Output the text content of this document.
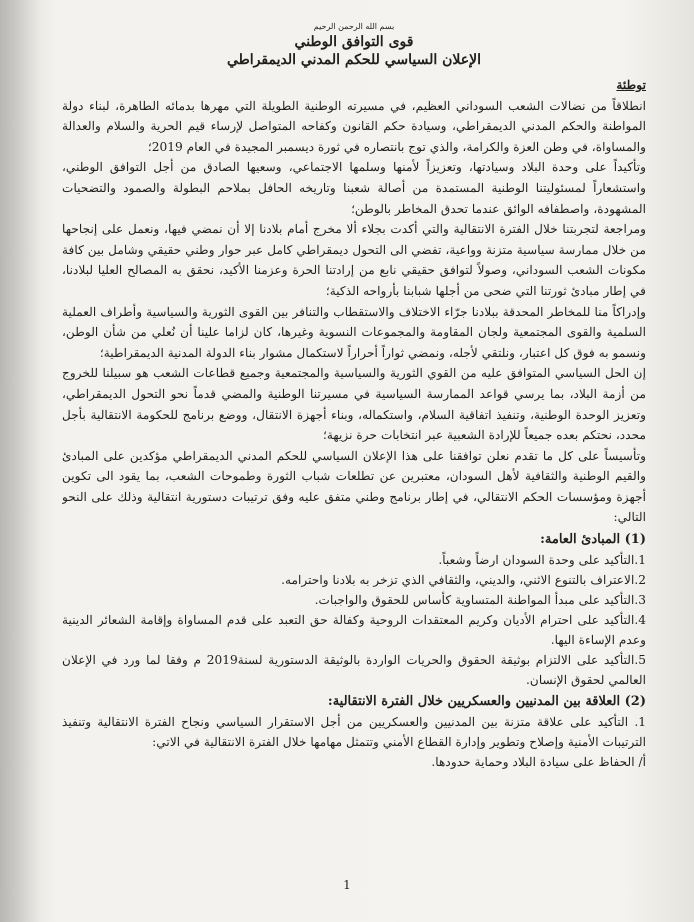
بسم الله الرحمن الرحيم

قوى التوافق الوطني

الإعلان السياسي للحكم المدني الديمقراطي

توطئة
انطلاقاً من نضالات الشعب السوداني العظيم، في مسيرته الوطنية الطويلة التي مهرها بدمائه الطاهرة، لبناء دولة المواطنة والحكم المدني الديمقراطي، وسيادة حكم القانون وكفاحه المتواصل لإرساء قيم الحرية والسلام والعدالة والمساواة، في وطن العزة والكرامة، والذي توج بانتصاره في ثورة ديسمبر المجيدة في العام 2019؛

وتأكيداً على وحدة البلاد وسيادتها، وتعزيزاً لأمنها وسلمها الاجتماعي، وسعيها الصادق من أجل التوافق الوطني، واستشعاراً لمسئوليتنا الوطنية المستمدة من أصالة شعبنا وتاريخه الحافل بملاحم البطولة والصمود والتضحيات المشهودة، واصطفافه الوائق عندما تحدق المخاطر بالوطن؛

ومراجعة لتجربتنا خلال الفترة الانتقالية والتي أكدت بجلاء ألا مخرج أمام بلادنا إلا أن نمضي فيها، ونعمل على إنجاحها من خلال ممارسة سياسية متزنة وواعية، تفضي الى التحول ديمقراطي كامل عبر حوار وطني حقيقي وشامل بين كافة مكونات الشعب السوداني، وصولاً لتوافق حقيقي نابع من إرادتنا الحرة وعزمنا الأكيد، نحقق به المصالح العليا لبلادنا، في إطار مبادئ ثورتنا التي ضحى من أجلها شبابنا بأرواحه الذكية؛

وإدراكاً منا للمخاطر المحدقة ببلادنا جرّاء الاختلاف والاستقطاب والتنافر بين القوى الثورية والسياسية وأطراف العملية السلمية والقوى المجتمعية ولجان المقاومة والمجموعات النسوية وغيرها، كان لزاما علينا أن نُعلي من شأن الوطن، ونسمو به فوق كل اعتبار، ونلتقي لأجله، ونمضي ثواراً أحراراً لاستكمال مشوار بناء الدولة المدنية الديمقراطية؛

إن الحل السياسي المتوافق عليه من القوي الثورية والسياسية والمجتمعية وجميع قطاعات الشعب هو سبيلنا للخروج من أزمة البلاد، بما يرسي قواعد الممارسة السياسية في مسيرتنا الوطنية والمضي قدماً نحو التحول الديمقراطي، وتعزيز الوحدة الوطنية، وتنفيذ اتفاقية السلام، واستكماله، وبناء أجهزة الانتقال، ووضع برنامج للحكومة الانتقالية بأجل محدد، نحتكم بعده جميعاً للإرادة الشعبية عبر انتخابات حرة نزيهة؛

وتأسيساً على كل ما تقدم نعلن توافقنا على هذا الإعلان السياسي للحكم المدني الديمقراطي مؤكدين على المبادئ والقيم الوطنية والثقافية لأهل السودان، معتبرين عن تطلعات شباب الثورة وطموحات الشعب، بما يقود الى تكوين أجهزة ومؤسسات الحكم الانتقالي، في إطار برنامج وطني متفق عليه وفق ترتيبات دستورية انتقالية وذلك على النحو التالي:

(1) المبادئ العامة:

1.التأكيد على وحدة السودان ارضاً وشعباً.

2.الاعتراف بالتنوع الاثني، والديني، والثقافي الذي تزخر به بلادنا واحترامه.

3.التأكيد على مبدأ المواطنة المتساوية كأساس للحقوق والواجبات.

4.التأكيد على احترام الأديان وكريم المعتقدات الروحية وكفالة حق التعبد على قدم المساواة وإقامة الشعائر الدينية وعدم الإساءة اليها.

5.التأكيد على الالتزام بوثيقة الحقوق والحريات الواردة بالوثيقة الدستورية لسنة2019 م وفقا لما ورد في الإعلان العالمي لحقوق الإنسان.

(2) العلاقة بين المدنيين والعسكريين خلال الفترة الانتقالية:

1. التأكيد على علاقة متزنة بين المدنيين والعسكريين من أجل الاستقرار السياسي ونجاح الفترة الانتقالية وتنفيذ الترتيبات الأمنية وإصلاح وتطوير وإدارة القطاع الأمني وتتمثل مهامها خلال الفترة الانتقالية في الاتي:

أ/ الحفاظ على سيادة البلاد وحماية حدودها.

1
